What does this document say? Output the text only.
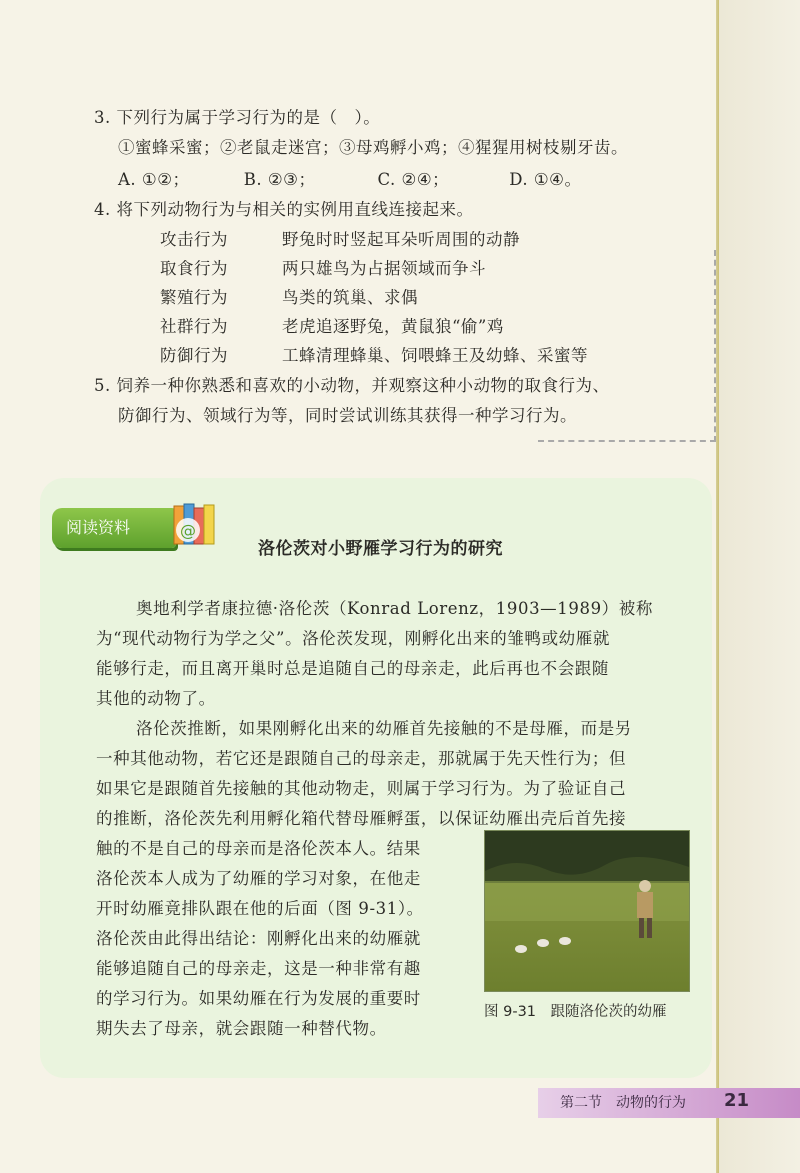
3. 下列行为属于学习行为的是（　）。
①蜜蜂采蜜；②老鼠走迷宫；③母鸡孵小鸡；④猩猩用树枝剔牙齿。
A. ①②；	B. ②③；	C. ②④；	D. ①④。
4. 将下列动物行为与相关的实例用直线连接起来。
攻击行为	野兔时时竖起耳朵听周围的动静
取食行为	两只雄鸟为占据领域而争斗
繁殖行为	鸟类的筑巢、求偶
社群行为	老虎追逐野兔，黄鼠狼“偷”鸡
防御行为	工蜂清理蜂巢、饲喂蜂王及幼蜂、采蜜等
5. 饲养一种你熟悉和喜欢的小动物，并观察这种小动物的取食行为、
防御行为、领域行为等，同时尝试训练其获得一种学习行为。
阅读资料	@
洛伦茨对小野雁学习行为的研究
奥地利学者康拉德·洛伦茨（Konrad Lorenz，1903—1989）被称
为“现代动物行为学之父”。洛伦茨发现，刚孵化出来的雏鸭或幼雁就
能够行走，而且离开巢时总是追随自己的母亲走，此后再也不会跟随
其他的动物了。
洛伦茨推断，如果刚孵化出来的幼雁首先接触的不是母雁，而是另
一种其他动物，若它还是跟随自己的母亲走，那就属于先天性行为；但
如果它是跟随首先接触的其他动物走，则属于学习行为。为了验证自己
的推断，洛伦茨先利用孵化箱代替母雁孵蛋，以保证幼雁出壳后首先接
触的不是自己的母亲而是洛伦茨本人。结果
洛伦茨本人成为了幼雁的学习对象，在他走
开时幼雁竟排队跟在他的后面（图 9-31）。
洛伦茨由此得出结论：刚孵化出来的幼雁就
能够追随自己的母亲走，这是一种非常有趣
的学习行为。如果幼雁在行为发展的重要时
期失去了母亲，就会跟随一种替代物。
图 9-31　跟随洛伦茨的幼雁
第二节　动物的行为 21
